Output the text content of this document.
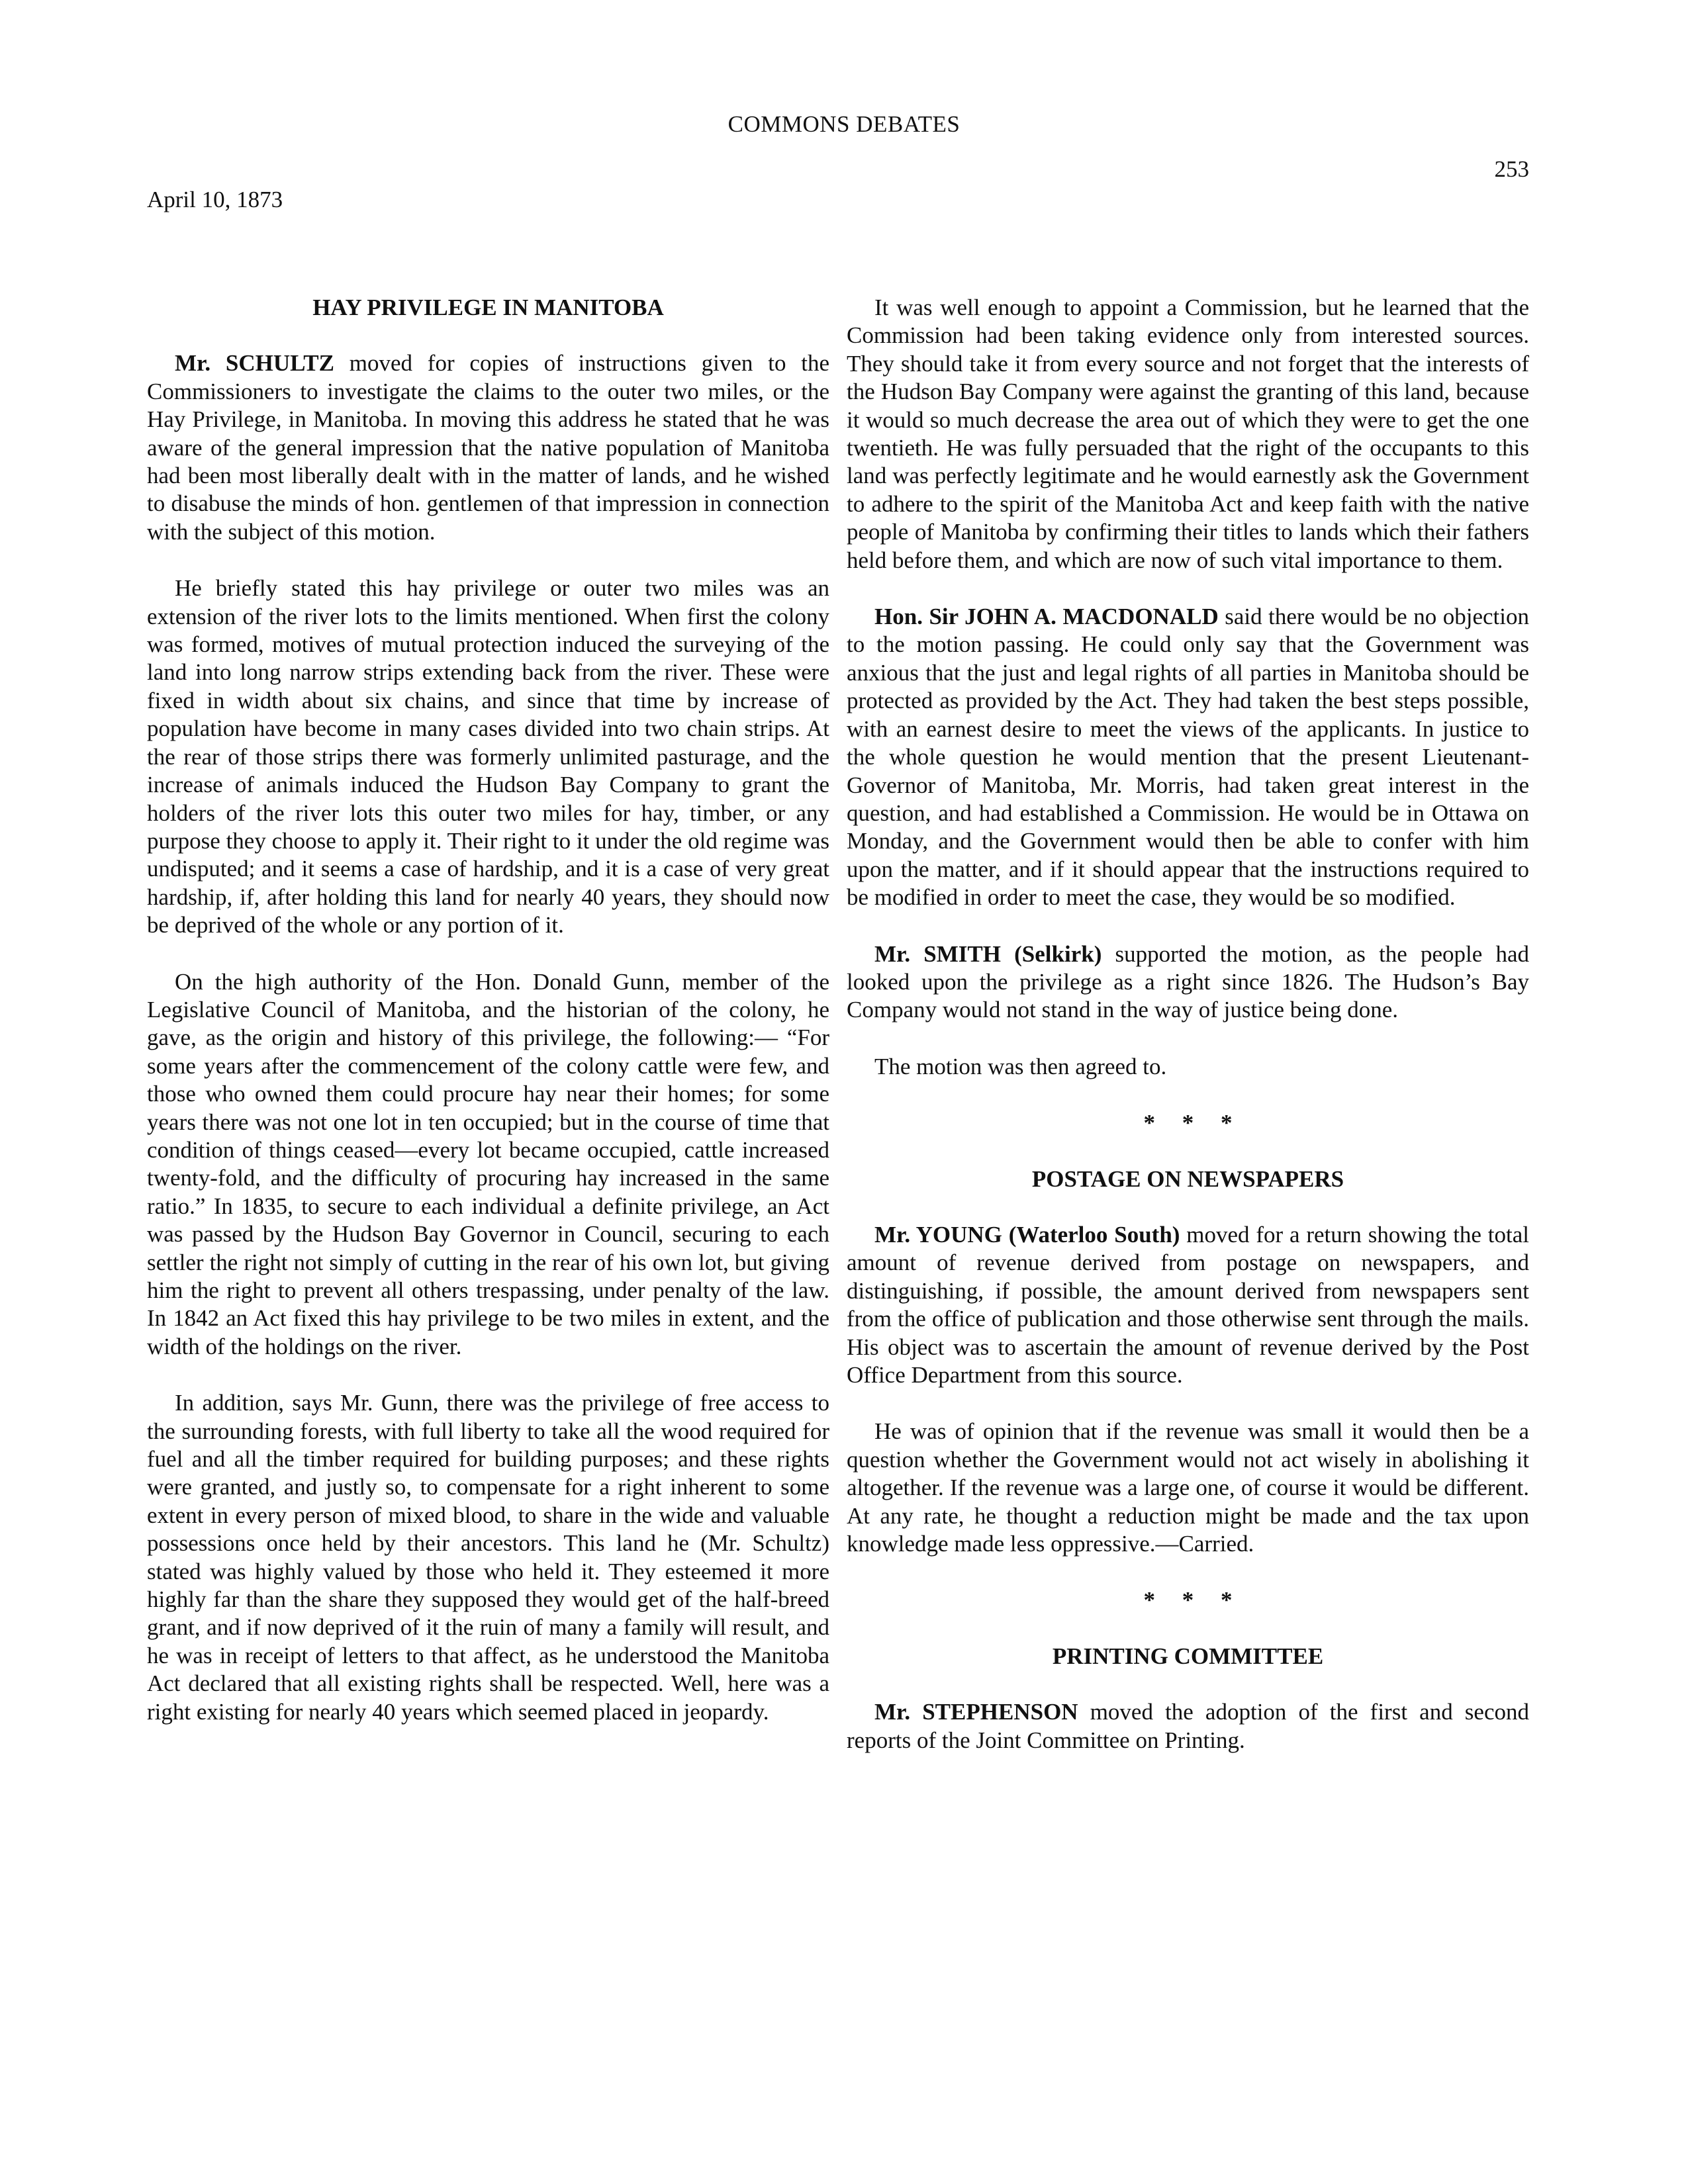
COMMONS DEBATES
253
April 10, 1873
HAY PRIVILEGE IN MANITOBA

Mr. SCHULTZ moved for copies of instructions given to the Commissioners to investigate the claims to the outer two miles, or the Hay Privilege, in Manitoba. In moving this address he stated that he was aware of the general impression that the native population of Manitoba had been most liberally dealt with in the matter of lands, and he wished to disabuse the minds of hon. gentlemen of that impression in connection with the subject of this motion.

He briefly stated this hay privilege or outer two miles was an extension of the river lots to the limits mentioned. When first the colony was formed, motives of mutual protection induced the surveying of the land into long narrow strips extending back from the river. These were fixed in width about six chains, and since that time by increase of population have become in many cases divided into two chain strips. At the rear of those strips there was formerly unlimited pasturage, and the increase of animals induced the Hudson Bay Company to grant the holders of the river lots this outer two miles for hay, timber, or any purpose they choose to apply it. Their right to it under the old regime was undisputed; and it seems a case of hardship, and it is a case of very great hardship, if, after holding this land for nearly 40 years, they should now be deprived of the whole or any portion of it.

On the high authority of the Hon. Donald Gunn, member of the Legislative Council of Manitoba, and the historian of the colony, he gave, as the origin and history of this privilege, the following:— “For some years after the commencement of the colony cattle were few, and those who owned them could procure hay near their homes; for some years there was not one lot in ten occupied; but in the course of time that condition of things ceased—every lot became occupied, cattle increased twenty-fold, and the difficulty of procuring hay increased in the same ratio.” In 1835, to secure to each individual a definite privilege, an Act was passed by the Hudson Bay Governor in Council, securing to each settler the right not simply of cutting in the rear of his own lot, but giving him the right to prevent all others trespassing, under penalty of the law. In 1842 an Act fixed this hay privilege to be two miles in extent, and the width of the holdings on the river.

In addition, says Mr. Gunn, there was the privilege of free access to the surrounding forests, with full liberty to take all the wood required for fuel and all the timber required for building purposes; and these rights were granted, and justly so, to compensate for a right inherent to some extent in every person of mixed blood, to share in the wide and valuable possessions once held by their ancestors. This land he (Mr. Schultz) stated was highly valued by those who held it. They esteemed it more highly far than the share they supposed they would get of the half-breed grant, and if now deprived of it the ruin of many a family will result, and he was in receipt of letters to that affect, as he understood the Manitoba Act declared that all existing rights shall be respected. Well, here was a right existing for nearly 40 years which seemed placed in jeopardy.

It was well enough to appoint a Commission, but he learned that the Commission had been taking evidence only from interested sources. They should take it from every source and not forget that the interests of the Hudson Bay Company were against the granting of this land, because it would so much decrease the area out of which they were to get the one twentieth. He was fully persuaded that the right of the occupants to this land was perfectly legitimate and he would earnestly ask the Government to adhere to the spirit of the Manitoba Act and keep faith with the native people of Manitoba by confirming their titles to lands which their fathers held before them, and which are now of such vital importance to them.

Hon. Sir JOHN A. MACDONALD said there would be no objection to the motion passing. He could only say that the Government was anxious that the just and legal rights of all parties in Manitoba should be protected as provided by the Act. They had taken the best steps possible, with an earnest desire to meet the views of the applicants. In justice to the whole question he would mention that the present Lieutenant-Governor of Manitoba, Mr. Morris, had taken great interest in the question, and had established a Commission. He would be in Ottawa on Monday, and the Government would then be able to confer with him upon the matter, and if it should appear that the instructions required to be modified in order to meet the case, they would be so modified.

Mr. SMITH (Selkirk) supported the motion, as the people had looked upon the privilege as a right since 1826. The Hudson’s Bay Company would not stand in the way of justice being done.

The motion was then agreed to.

* * *
POSTAGE ON NEWSPAPERS

Mr. YOUNG (Waterloo South) moved for a return showing the total amount of revenue derived from postage on newspapers, and distinguishing, if possible, the amount derived from newspapers sent from the office of publication and those otherwise sent through the mails. His object was to ascertain the amount of revenue derived by the Post Office Department from this source.

He was of opinion that if the revenue was small it would then be a question whether the Government would not act wisely in abolishing it altogether. If the revenue was a large one, of course it would be different. At any rate, he thought a reduction might be made and the tax upon knowledge made less oppressive.—Carried.

* * *
PRINTING COMMITTEE

Mr. STEPHENSON moved the adoption of the first and second reports of the Joint Committee on Printing.
